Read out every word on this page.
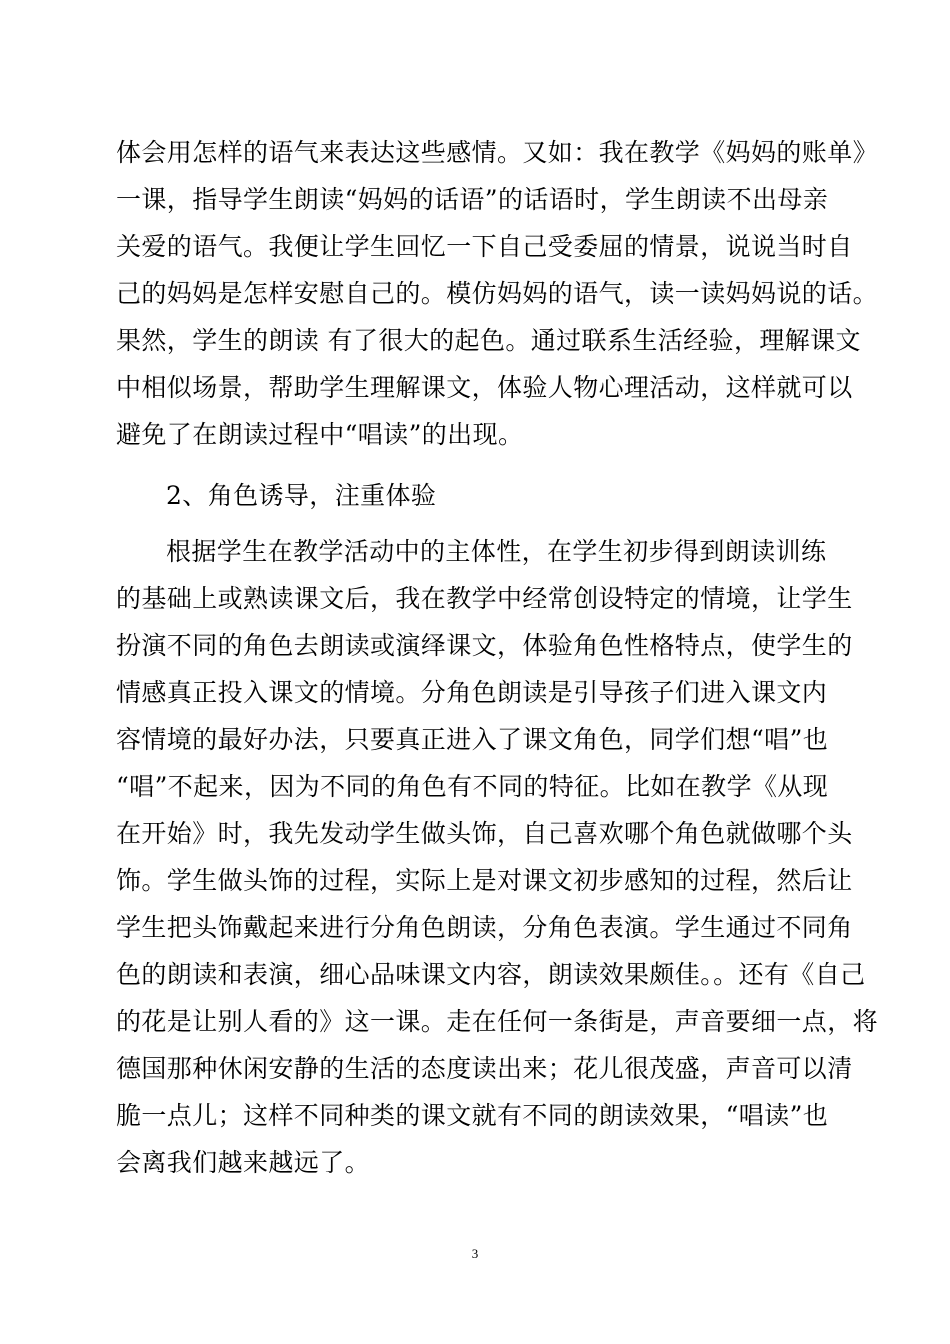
体会用怎样的语气来表达这些感情。又如：我在教学《妈妈的账单》
一课，指导学生朗读“妈妈的话语”的话语时，学生朗读不出母亲
关爱的语气。我便让学生回忆一下自己受委屈的情景，说说当时自
己的妈妈是怎样安慰自己的。模仿妈妈的语气，读一读妈妈说的话。
果然，学生的朗读 有了很大的起色。通过联系生活经验，理解课文
中相似场景，帮助学生理解课文，体验人物心理活动，这样就可以
避免了在朗读过程中“唱读”的出现。
2、角色诱导，注重体验
根据学生在教学活动中的主体性，在学生初步得到朗读训练
的基础上或熟读课文后，我在教学中经常创设特定的情境，让学生
扮演不同的角色去朗读或演绎课文，体验角色性格特点，使学生的
情感真正投入课文的情境。分角色朗读是引导孩子们进入课文内
容情境的最好办法，只要真正进入了课文角色，同学们想“唱”也
“唱”不起来，因为不同的角色有不同的特征。比如在教学《从现
在开始》时，我先发动学生做头饰，自己喜欢哪个角色就做哪个头
饰。学生做头饰的过程，实际上是对课文初步感知的过程，然后让
学生把头饰戴起来进行分角色朗读，分角色表演。学生通过不同角
色的朗读和表演，细心品味课文内容，朗读效果颇佳。。还有《自己
的花是让别人看的》这一课。走在任何一条街是，声音要细一点，将
德国那种休闲安静的生活的态度读出来；花儿很茂盛，声音可以清
脆一点儿；这样不同种类的课文就有不同的朗读效果，“唱读”也
会离我们越来越远了。
3
